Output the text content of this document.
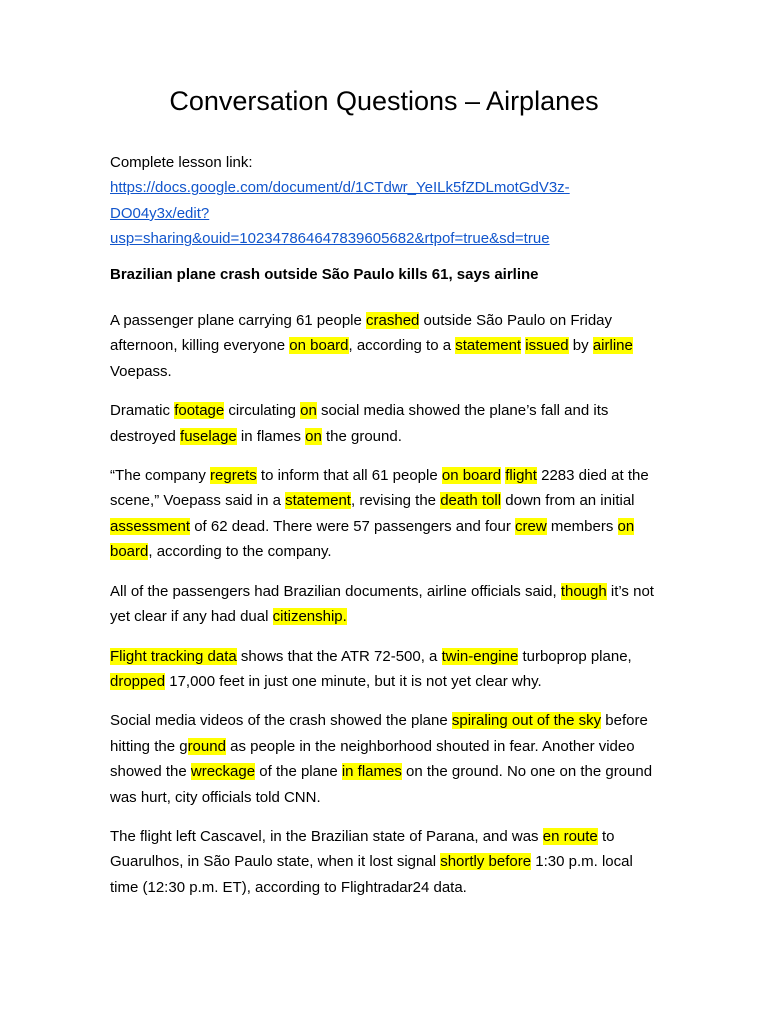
Conversation Questions – Airplanes
Complete lesson link:
https://docs.google.com/document/d/1CTdwr_YeILk5fZDLmotGdV3z-
DO04y3x/edit?
usp=sharing&ouid=102347864647839605682&rtpof=true&sd=true
Brazilian plane crash outside São Paulo kills 61, says airline
A passenger plane carrying 61 people crashed outside São Paulo on Friday afternoon, killing everyone on board, according to a statement issued by airline Voepass.
Dramatic footage circulating on social media showed the plane’s fall and its destroyed fuselage in flames on the ground.
“The company regrets to inform that all 61 people on board flight 2283 died at the scene,” Voepass said in a statement, revising the death toll down from an initial assessment of 62 dead. There were 57 passengers and four crew members on board, according to the company.
All of the passengers had Brazilian documents, airline officials said, though it’s not yet clear if any had dual citizenship.
Flight tracking data shows that the ATR 72-500, a twin-engine turboprop plane, dropped 17,000 feet in just one minute, but it is not yet clear why.
Social media videos of the crash showed the plane spiraling out of the sky before hitting the ground as people in the neighborhood shouted in fear. Another video showed the wreckage of the plane in flames on the ground. No one on the ground was hurt, city officials told CNN.
The flight left Cascavel, in the Brazilian state of Parana, and was en route to Guarulhos, in São Paulo state, when it lost signal shortly before 1:30 p.m. local time (12:30 p.m. ET), according to Flightradar24 data.
